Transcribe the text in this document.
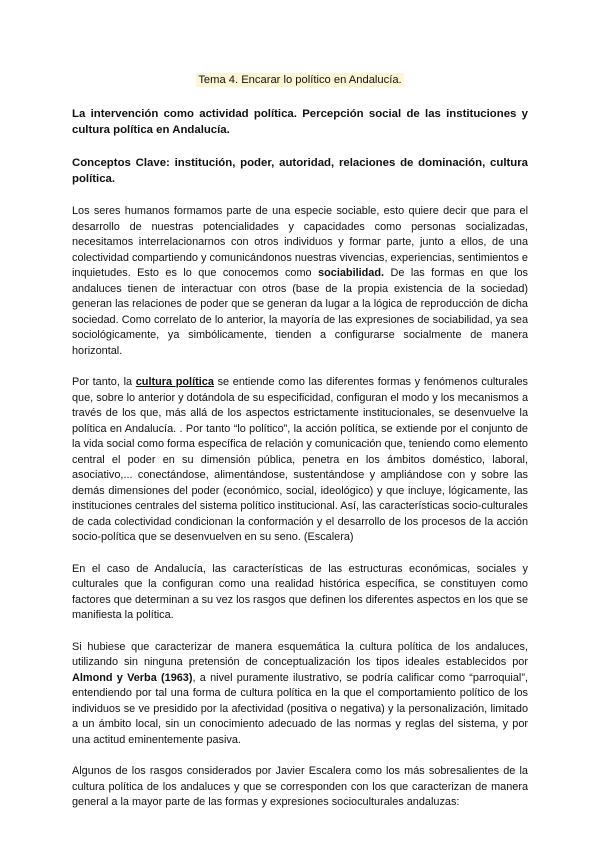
Tema 4. Encarar lo político en Andalucía.
La intervención como actividad política. Percepción social de las instituciones y cultura política en Andalucía.
Conceptos Clave: institución, poder, autoridad, relaciones de dominación, cultura política.

Los seres humanos formamos parte de una especie sociable, esto quiere decir que para el desarrollo de nuestras potencialidades y capacidades como personas socializadas, necesitamos interrelacionarnos con otros individuos y formar parte, junto a ellos, de una colectividad compartiendo y comunicándonos nuestras vivencias, experiencias, sentimientos e inquietudes. Esto es lo que conocemos como sociabilidad. De las formas en que los andaluces tienen de interactuar con otros (base de la propia existencia de la sociedad) generan las relaciones de poder que se generan da lugar a la lógica de reproducción de dicha sociedad. Como correlato de lo anterior, la mayoría de las expresiones de sociabilidad, ya sea sociológicamente, ya simbólicamente, tienden a configurarse socialmente de manera horizontal.

Por tanto, la cultura política se entiende como las diferentes formas y fenómenos culturales que, sobre lo anterior y dotándola de su especificidad, configuran el modo y los mecanismos a través de los que, más allá de los aspectos estrictamente institucionales, se desenvuelve la política en Andalucía. . Por tanto “lo político”, la acción política, se extiende por el conjunto de la vida social como forma específica de relación y comunicación que, teniendo como elemento central el poder en su dimensión pública, penetra en los ámbitos doméstico, laboral, asociativo,... conectándose, alimentándose, sustentándose y ampliándose con y sobre las demás dimensiones del poder (económico, social, ideológico) y que incluye, lógicamente, las instituciones centrales del sistema político institucional. Así, las características socio-culturales de cada colectividad condicionan la conformación y el desarrollo de los procesos de la acción socio-política que se desenvuelven en su seno. (Escalera)

En el caso de Andalucía, las características de las estructuras económicas, sociales y culturales que la configuran como una realidad histórica específica, se constituyen como factores que determinan a su vez los rasgos que definen los diferentes aspectos en los que se manifiesta la política.

Si hubiese que caracterizar de manera esquemática la cultura política de los andaluces, utilizando sin ninguna pretensión de conceptualización los tipos ideales establecidos por Almond y Verba (1963), a nivel puramente ilustrativo, se podría calificar como “parroquial”, entendiendo por tal una forma de cultura política en la que el comportamiento político de los individuos se ve presidido por la afectividad (positiva o negativa) y la personalización, limitado a un ámbito local, sin un conocimiento adecuado de las normas y reglas del sistema, y por una actitud eminentemente pasiva.

Algunos de los rasgos considerados por Javier Escalera como los más sobresalientes de la cultura política de los andaluces y que se corresponden con los que caracterizan de manera general a la mayor parte de las formas y expresiones socioculturales andaluzas:
